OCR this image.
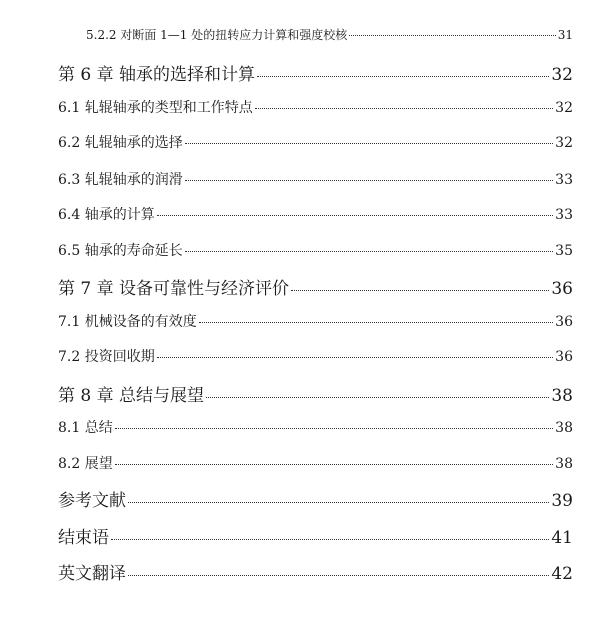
5.2.2 对断面 1—1 处的扭转应力计算和强度校核	31
第 6 章 轴承的选择和计算	32
6.1 轧辊轴承的类型和工作特点	32
6.2 轧辊轴承的选择	32
6.3 轧辊轴承的润滑	33
6.4 轴承的计算	33
6.5 轴承的寿命延长	35
第 7 章 设备可靠性与经济评价	36
7.1 机械设备的有效度	36
7.2 投资回收期	36
第 8 章 总结与展望	38
8.1 总结	38
8.2 展望	38
参考文献	39
结束语	41
英文翻译	42
